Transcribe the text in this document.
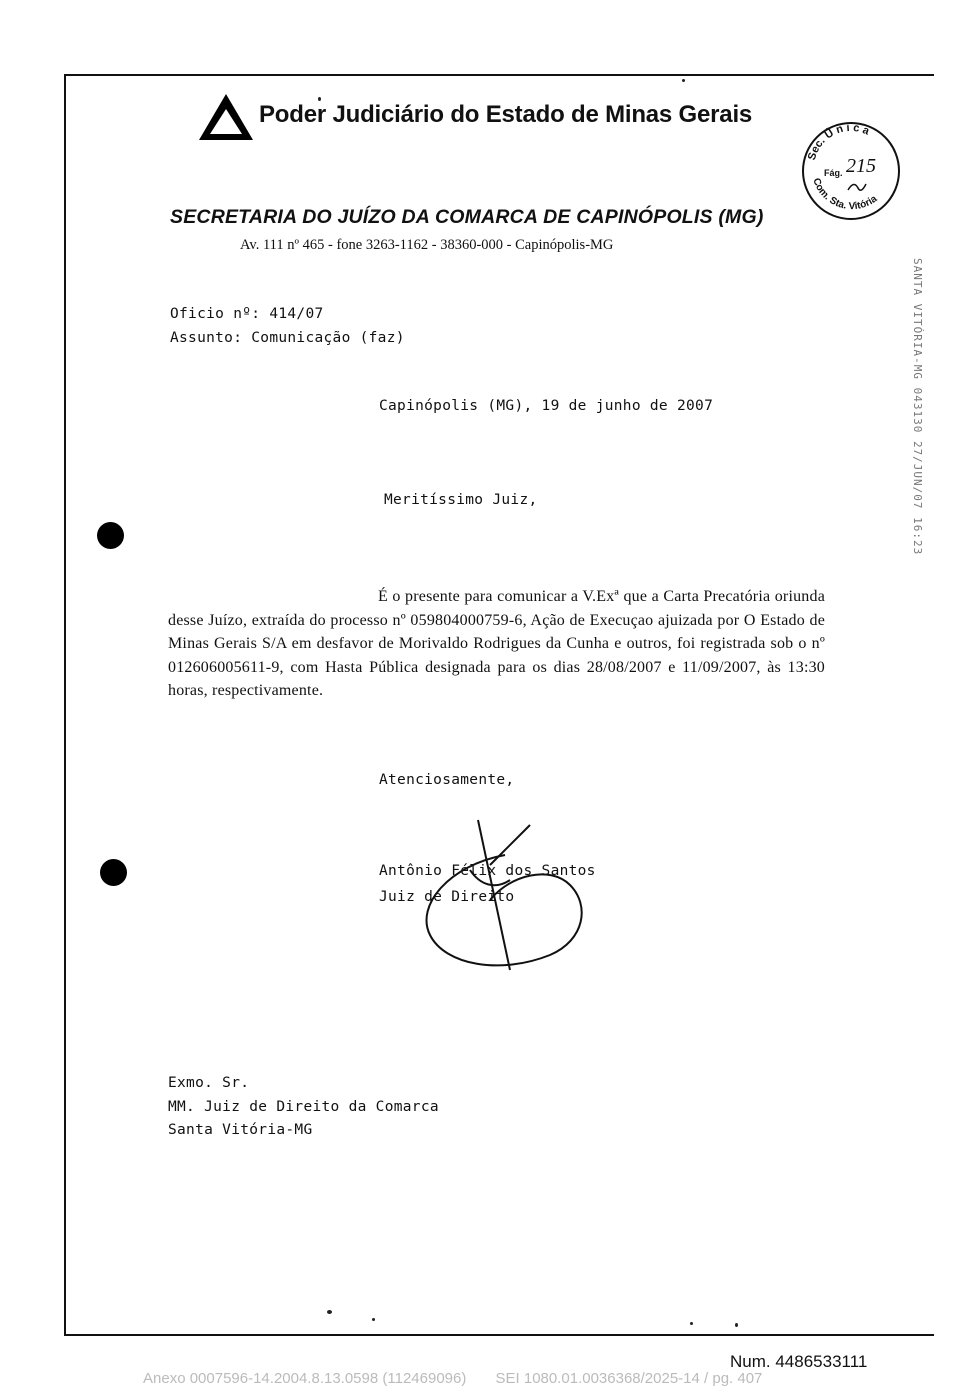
Poder Judiciário do Estado de Minas Gerais
Sec. Ú n i c a
Com. Sta. Vitória
Fág. 215
SECRETARIA DO JUÍZO DA COMARCA DE CAPINÓPOLIS (MG)
Av. 111 nº 465 - fone 3263-1162 - 38360-000 - Capinópolis-MG
SANTA VITÓRIA-MG 043130 27/JUN/07 16:23
Oficio nº: 414/07
Assunto: Comunicação (faz)
Capinópolis (MG), 19 de junho de 2007
Meritíssimo Juiz,
É o presente para comunicar a V.Exª que a Carta Precatória oriunda desse Juízo, extraída do processo nº 059804000759-6, Ação de Execuçao ajuizada por O Estado de Minas Gerais S/A em desfavor de Morivaldo Rodrigues da Cunha e outros, foi registrada sob o nº 012606005611-9, com Hasta Pública designada para os dias 28/08/2007 e 11/09/2007, às 13:30 horas, respectivamente.
Atenciosamente,
Antônio Félix dos Santos
Juiz de Direito
Exmo. Sr.
MM. Juiz de Direito da Comarca
Santa Vitória-MG
Num. 4486533111
Anexo 0007596-14.2004.8.13.0598 (112469096)       SEI 1080.01.0036368/2025-14 / pg. 407
